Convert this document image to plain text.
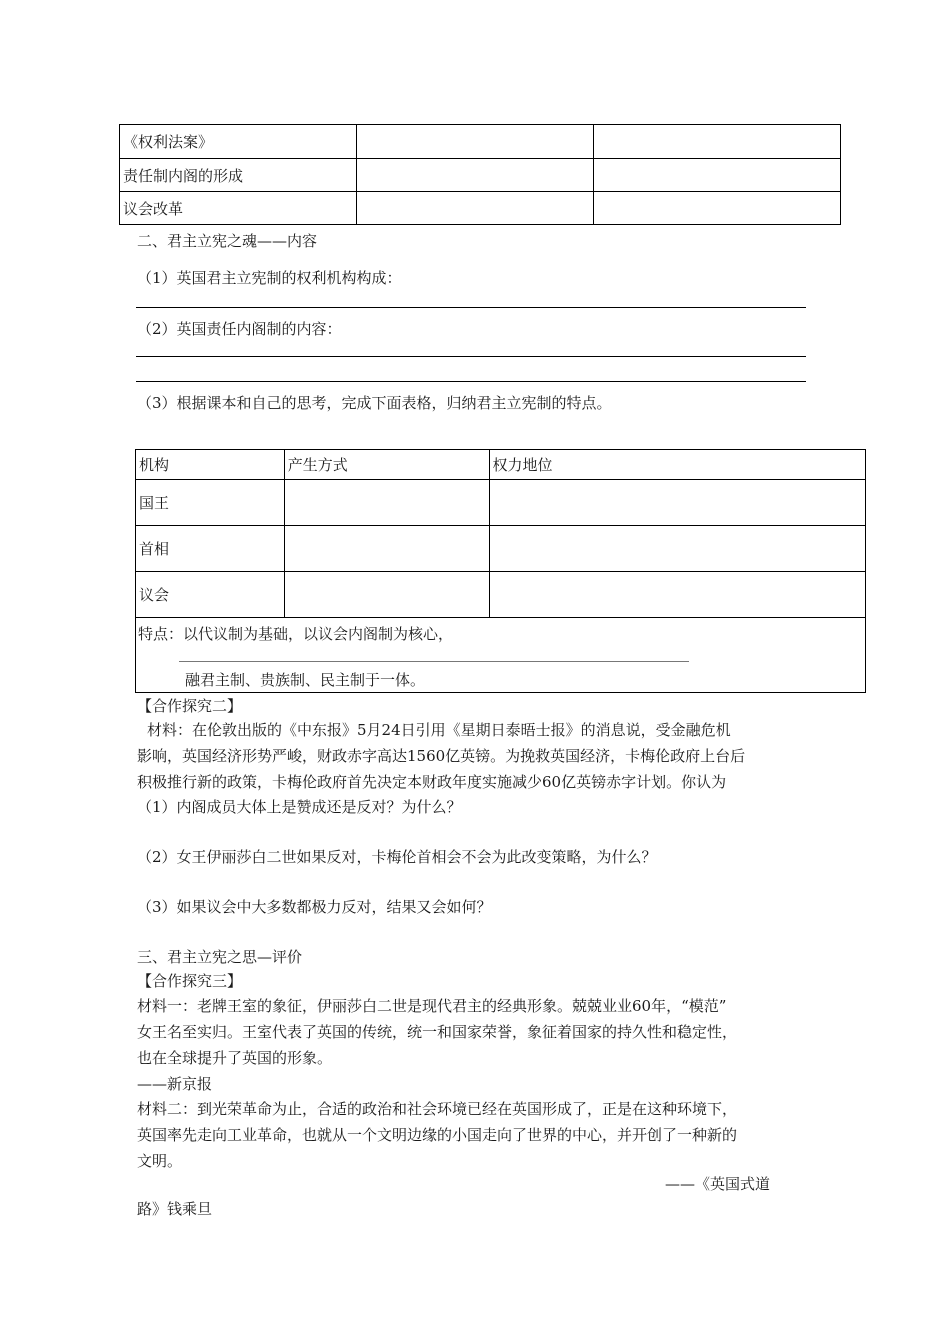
《权利法案》		
责任制内阁的形成		
议会改革		
二、君主立宪之魂——内容
（1）英国君主立宪制的权利机构构成：
（2）英国责任内阁制的内容：
（3）根据课本和自己的思考，完成下面表格，归纳君主立宪制的特点。
机构	产生方式	权力地位
国王		
首相		
议会		

特点：以代议制为基础，以议会内阁制为核心，
融君主制、贵族制、民主制于一体。		
【合作探究二】
材料：在伦敦出版的《中东报》5月24日引用《星期日泰晤士报》的消息说，受金融危机
影响，英国经济形势严峻，财政赤字高达1560亿英镑。为挽救英国经济，卡梅伦政府上台后
积极推行新的政策，卡梅伦政府首先决定本财政年度实施减少60亿英镑赤字计划。你认为
（1）内阁成员大体上是赞成还是反对？为什么？
（2）女王伊丽莎白二世如果反对，卡梅伦首相会不会为此改变策略，为什么？
（3）如果议会中大多数都极力反对，结果又会如何？
三、君主立宪之思—评价
【合作探究三】
材料一：老牌王室的象征，伊丽莎白二世是现代君主的经典形象。兢兢业业60年，“模范”
女王名至实归。王室代表了英国的传统，统一和国家荣誉，象征着国家的持久性和稳定性，
也在全球提升了英国的形象。
——新京报
材料二：到光荣革命为止，合适的政治和社会环境已经在英国形成了，正是在这种环境下，
英国率先走向工业革命，也就从一个文明边缘的小国走向了世界的中心，并开创了一种新的
文明。
——《英国式道
路》钱乘旦
